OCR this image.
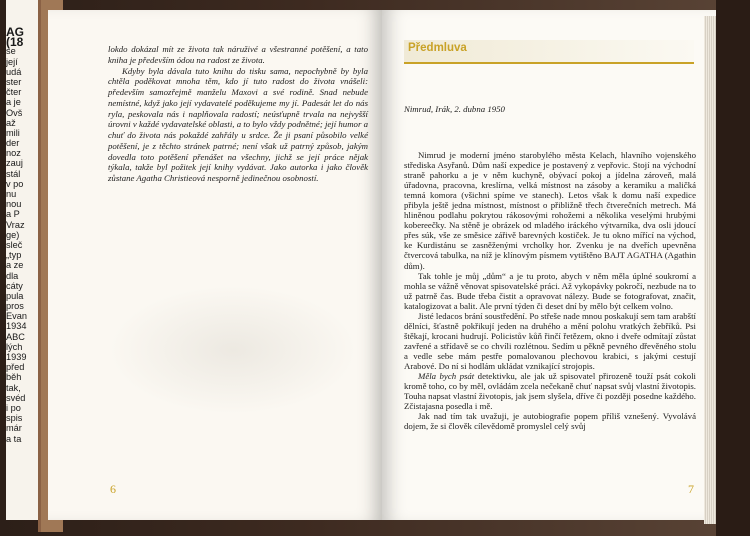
AG
(18
se
její
udá
ster
čter
a je
Ovš
až
mili
der
noz
zauj
stál
v po
nu
nou
a P
Vraz
ge)
sleč
„typ
a ze
dla
cáty
pula
pros
Evan
1934
ABC
lých
1939
před
běh
tak,
svéd
i po
spis
már
a ta

lokdo dokázal mít ze života tak náruživé a všestranné potěšení, a tato kniha je především ódou na radost ze života.

Kdyby byla dávala tuto knihu do tisku sama, nepochybně by byla chtěla poděkovat mnoha těm, kdo jí tuto radost do života vnášeli: především samozřejmě manželu Maxovi a své rodině. Snad nebude nemístné, když jako její vydavatelé poděkujeme my jí. Padesát let do nás ryla, peskovala nás i naplňovala radostí; neúsťupně trvala na nejvyšší úrovni v každé vydavatelské oblasti, a to bylo vždy podnětné; její humor a chuť do života nás pokaždé zahřály u srdce. Že ji psaní působilo velké potěšení, je z těchto stránek patrné; není však už patrný způsob, jakým dovedla toto potěšení přenášet na všechny, jichž se její práce nějak týkala, takže byl požitek její knihy vydávat. Jako autorka i jako člověk zůstane Agatha Christieová nesporně jedinečnou osobností.

6
Předmluva
Nimrud, Irák, 2. dubna 1950

Nimrud je moderní jméno starobylého města Kelach, hlavního vojenského střediska Asyřanů. Dům naší expedice je postavený z vepřovic. Stojí na východní straně pahorku a je v něm kuchyně, obývací pokoj a jídelna zároveň, malá úřadovna, pracovna, kreslírna, velká místnost na zásoby a keramiku a maličká temná komora (všichni spíme ve stanech). Letos však k domu naší expedice přibyla ještě jedna místnost, místnost o přibližně třech čtverečních metrech. Má hliněnou podlahu pokrytou rákosovými rohožemi a několika veselými hrubými kobereečky. Na stěně je obrázek od mladého iráckého výtvarníka, dva osli jdoucí přes súk, vše ze směsice zářivě barevných kostiček. Je tu okno mířící na východ, ke Kurdistánu se zasněženými vrcholky hor. Zvenku je na dveřích upevněna čtvercová tabulka, na níž je klínovým písmem vytištěno BAJT AGATHA (Agathin dům).

Tak tohle je můj „dům“ a je tu proto, abych v něm měla úplné soukromí a mohla se vážně věnovat spisovatelské práci. Až vykopávky pokročí, nezbude na to už patrně čas. Bude třeba čistit a opravovat nálezy. Bude se fotografovat, značit, katalogizovat a balit. Ale první týden či deset dní by mělo být celkem volno.

Jisté ledacos brání soustředění. Po střeše nade mnou poskakují sem tam arabští dělníci, šťastně pokřikují jeden na druhého a mění polohu vratkých žebříků. Psi štěkají, krocani hudrují. Policistův kůň řinčí řetězem, okno i dveře odmítají zůstat zavřené a střídavě se co chvíli rozlétnou. Sedím u pěkně pevného dřevěného stolu a vedle sebe mám pestře pomalovanou plechovou krabici, s jakými cestují Arabové. Do ní si hodlám ukládat vznikající strojopis.

Měla bych psát detektivku, ale jak už spisovatel přirozeně touží psát cokoli kromě toho, co by měl, ovládám zcela nečekaně chuť napsat svůj vlastní životopis. Touha napsat vlastní životopis, jak jsem slyšela, dříve či později posedne každého. Zčistajasna posedla i mě.

Jak nad tím tak uvažuji, je autobiografie popem příliš vznešený. Vyvolává dojem, že si člověk cílevědomě promyslel celý svůj

7
